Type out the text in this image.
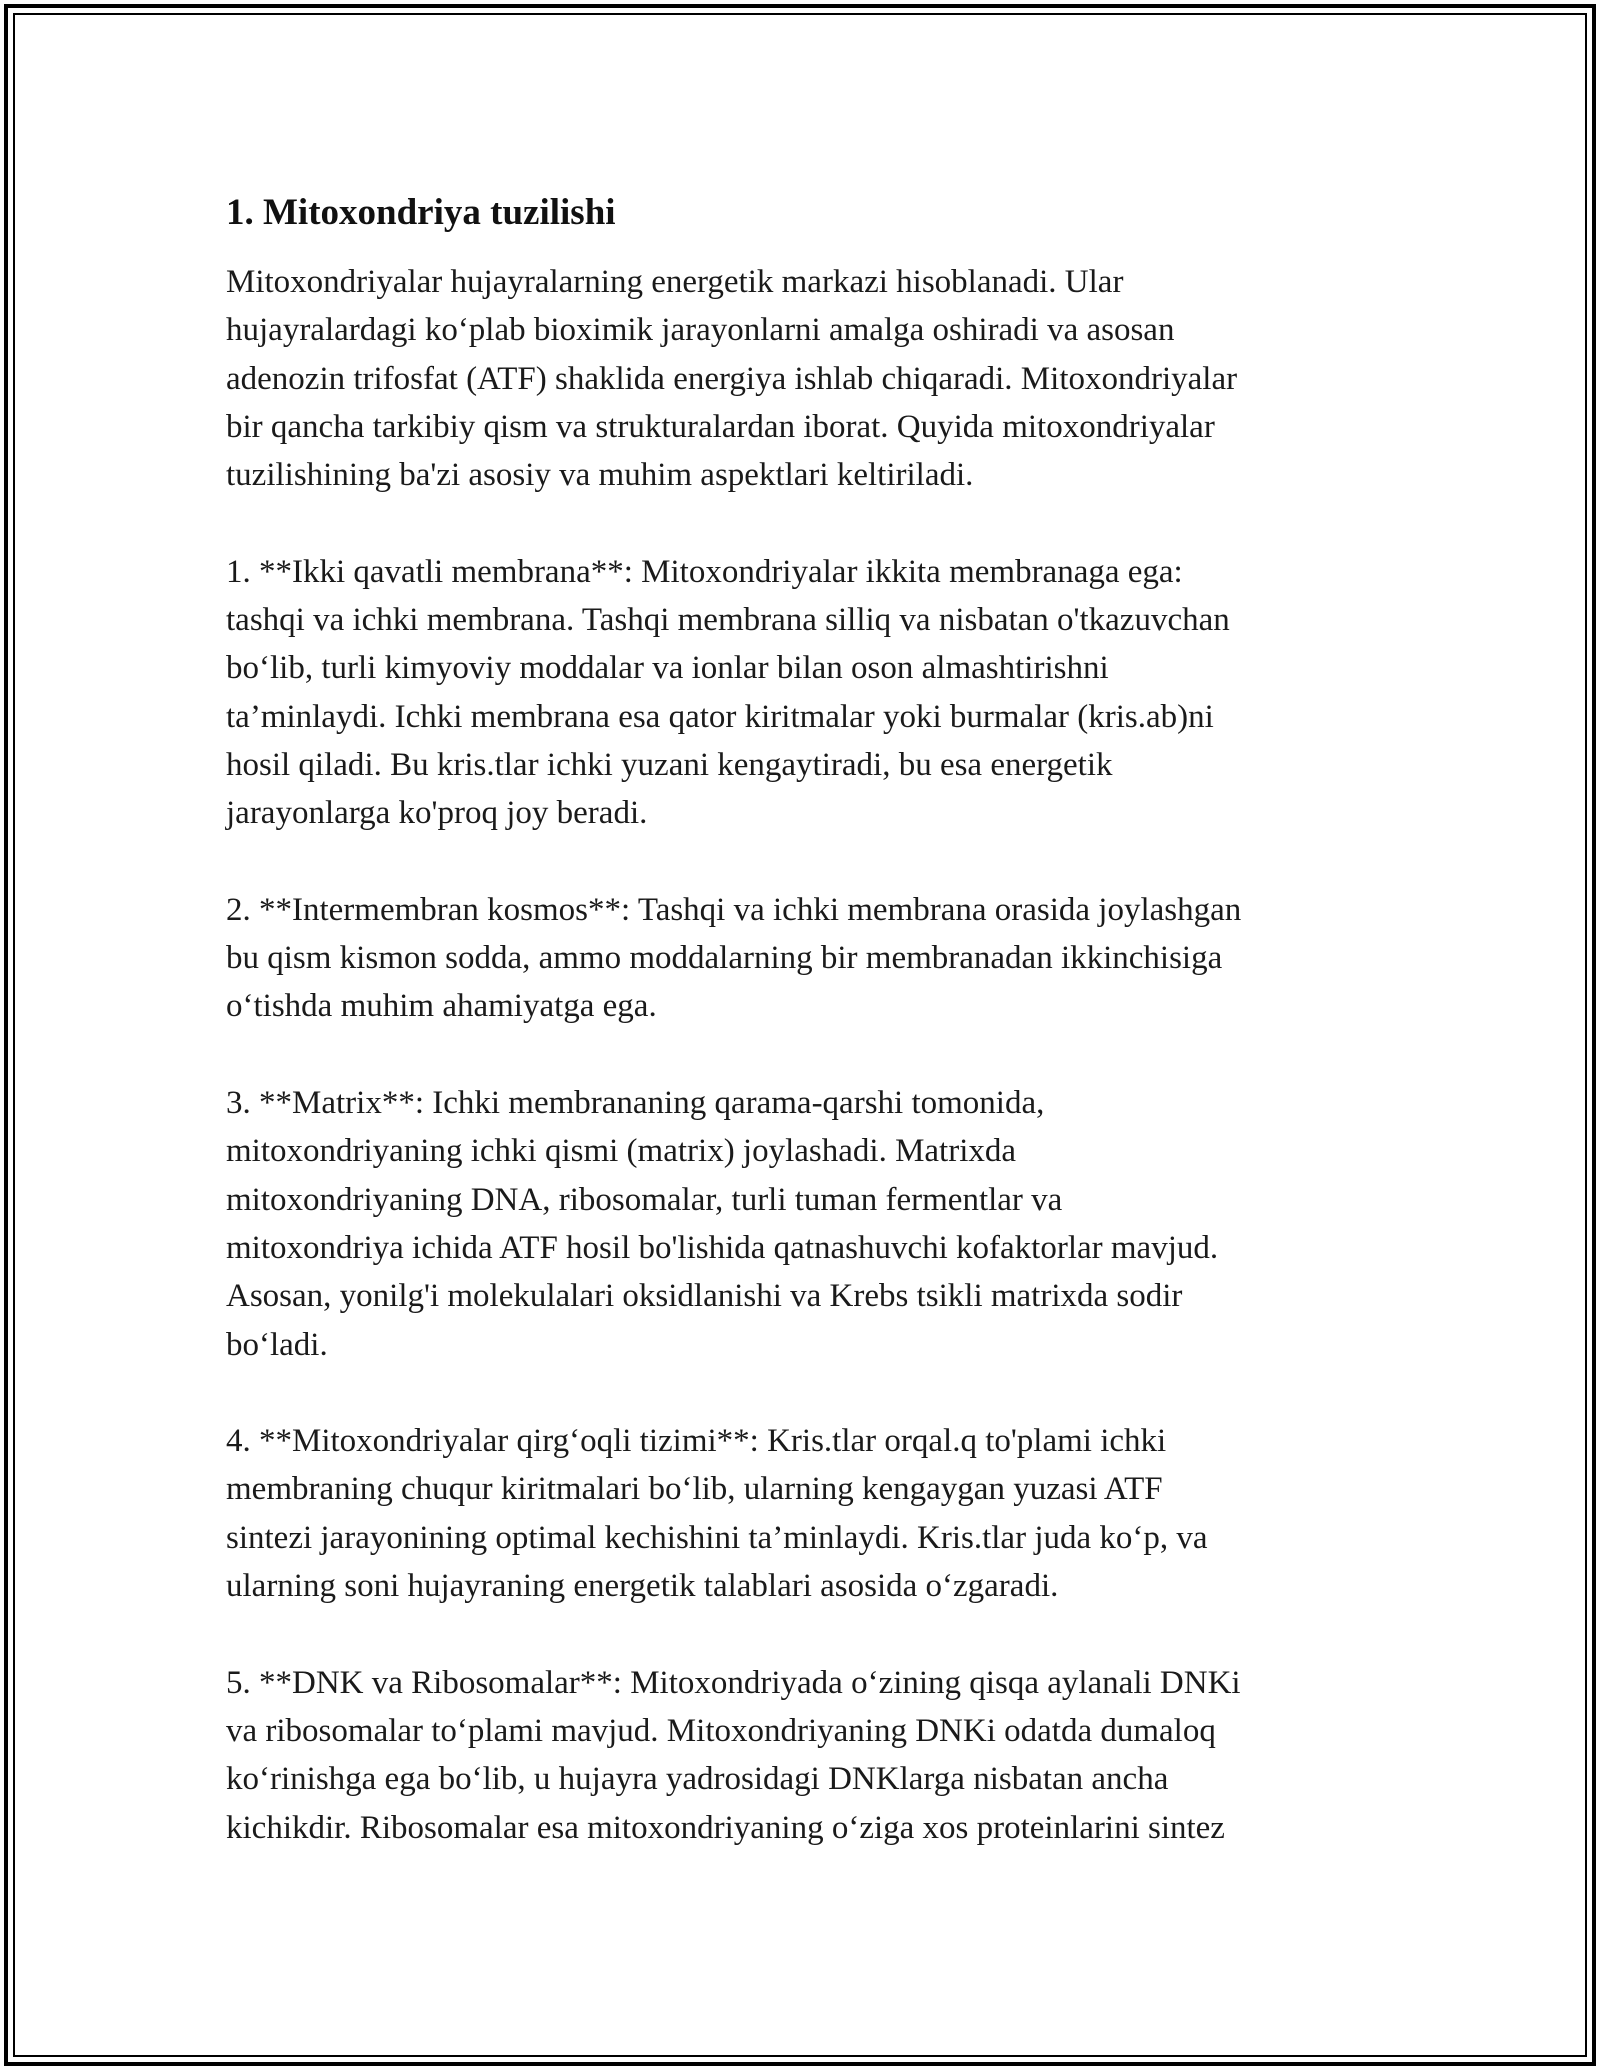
1. Mitoxondriya tuzilishi

Mitoxondriyalar hujayralarning energetik markazi hisoblanadi. Ular
hujayralardagi ko‘plab bioximik jarayonlarni amalga oshiradi va asosan
adenozin trifosfat (ATF) shaklida energiya ishlab chiqaradi. Mitoxondriyalar
bir qancha tarkibiy qism va strukturalardan iborat. Quyida mitoxondriyalar
tuzilishining ba'zi asosiy va muhim aspektlari keltiriladi.

1. **Ikki qavatli membrana**: Mitoxondriyalar ikkita membranaga ega:
tashqi va ichki membrana. Tashqi membrana silliq va nisbatan o'tkazuvchan
bo‘lib, turli kimyoviy moddalar va ionlar bilan oson almashtirishni
ta’minlaydi. Ichki membrana esa qator kiritmalar yoki burmalar (kris.ab)ni
hosil qiladi. Bu kris.tlar ichki yuzani kengaytiradi, bu esa energetik
jarayonlarga ko'proq joy beradi.

2. **Intermembran kosmos**: Tashqi va ichki membrana orasida joylashgan
bu qism kismon sodda, ammo moddalarning bir membranadan ikkinchisiga
o‘tishda muhim ahamiyatga ega.

3. **Matrix**: Ichki membrananing qarama-qarshi tomonida,
mitoxondriyaning ichki qismi (matrix) joylashadi. Matrixda
mitoxondriyaning DNA, ribosomalar, turli tuman fermentlar va
mitoxondriya ichida ATF hosil bo'lishida qatnashuvchi kofaktorlar mavjud.
Asosan, yonilg'i molekulalari oksidlanishi va Krebs tsikli matrixda sodir
bo‘ladi.

4. **Mitoxondriyalar qirg‘oqli tizimi**: Kris.tlar orqal.q to'plami ichki
membraning chuqur kiritmalari bo‘lib, ularning kengaygan yuzasi ATF
sintezi jarayonining optimal kechishini ta’minlaydi. Kris.tlar juda ko‘p, va
ularning soni hujayraning energetik talablari asosida o‘zgaradi.

5. **DNK va Ribosomalar**: Mitoxondriyada o‘zining qisqa aylanali DNKi
va ribosomalar to‘plami mavjud. Mitoxondriyaning DNKi odatda dumaloq
ko‘rinishga ega bo‘lib, u hujayra yadrosidagi DNKlarga nisbatan ancha
kichikdir. Ribosomalar esa mitoxondriyaning o‘ziga xos proteinlarini sintez
